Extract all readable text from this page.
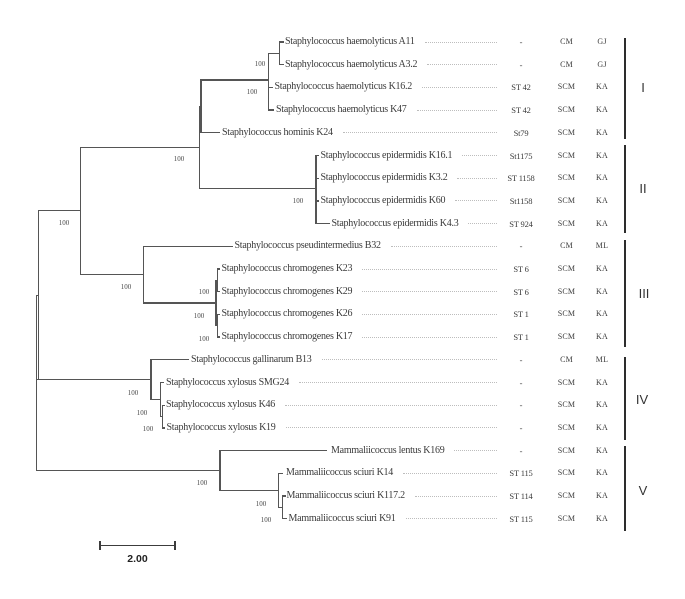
Staphylococcus haemolyticus A11	-	CM	GJ
Staphylococcus haemolyticus A3.2	-	CM	GJ
Staphylococcus haemolyticus K16.2	ST 42	SCM	KA
Staphylococcus haemolyticus K47	ST 42	SCM	KA
Staphylococcus hominis K24	St79	SCM	KA
Staphylococcus epidermidis K16.1	St1175	SCM	KA
Staphylococcus epidermidis K3.2	ST 1158	SCM	KA
Staphylococcus epidermidis K60	St1158	SCM	KA
Staphylococcus epidermidis K4.3	ST 924	SCM	KA
Staphylococcus pseudintermedius B32	-	CM	ML
Staphylococcus chromogenes K23	ST 6	SCM	KA
Staphylococcus chromogenes K29	ST 6	SCM	KA
Staphylococcus chromogenes K26	ST 1	SCM	KA
Staphylococcus chromogenes K17	ST 1	SCM	KA
Staphylococcus gallinarum B13	-	CM	ML
Staphylococcus xylosus SMG24	-	SCM	KA
Staphylococcus xylosus K46	-	SCM	KA
Staphylococcus xylosus K19	-	SCM	KA
Mammaliicoccus lentus K169	-	SCM	KA
Mammaliicoccus sciuri K14	ST 115	SCM	KA
Mammaliicoccus sciuri K117.2	ST 114	SCM	KA
Mammaliicoccus sciuri K91	ST 115	SCM	KA
100
100
100
100
100
100
100
100
100
100
100
100
100
100
100
I
II
III
IV
V
2.00
